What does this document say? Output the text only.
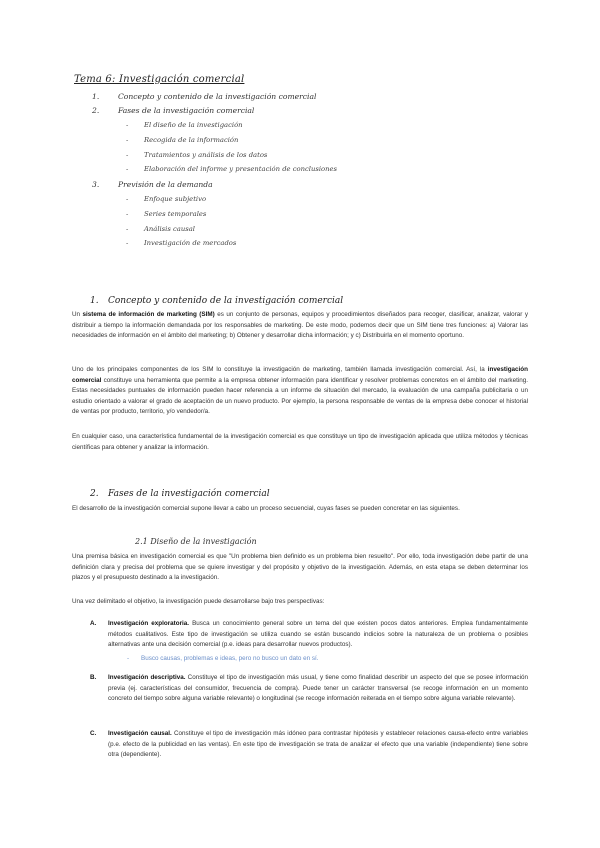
Tema 6: Investigación comercial
1. Concepto y contenido de la investigación comercial
2. Fases de la investigación comercial
- El diseño de la investigación
- Recogida de la información
- Tratamientos y análisis de los datos
- Elaboración del informe y presentación de conclusiones
3. Previsión de la demanda
- Enfoque subjetivo
- Series temporales
- Análisis causal
- Investigación de mercados
1. Concepto y contenido de la investigación comercial
Un sistema de información de marketing (SIM) es un conjunto de personas, equipos y procedimientos diseñados para recoger, clasificar, analizar, valorar y distribuir a tiempo la información demandada por los responsables de marketing. De este modo, podemos decir que un SIM tiene tres funciones: a) Valorar las necesidades de información en el ámbito del marketing; b) Obtener y desarrollar dicha información; y c) Distribuirla en el momento oportuno.
Uno de los principales componentes de los SIM lo constituye la investigación de marketing, también llamada investigación comercial. Así, la investigación comercial constituye una herramienta que permite a la empresa obtener información para identificar y resolver problemas concretos en el ámbito del marketing. Estas necesidades puntuales de información pueden hacer referencia a un informe de situación del mercado, la evaluación de una campaña publicitaria o un estudio orientado a valorar el grado de aceptación de un nuevo producto. Por ejemplo, la persona responsable de ventas de la empresa debe conocer el historial de ventas por producto, territorio, y/o vendedor/a.
En cualquier caso, una característica fundamental de la investigación comercial es que constituye un tipo de investigación aplicada que utiliza métodos y técnicas científicas para obtener y analizar la información.
2. Fases de la investigación comercial
El desarrollo de la investigación comercial supone llevar a cabo un proceso secuencial, cuyas fases se pueden concretar en las siguientes.
2.1 Diseño de la investigación
Una premisa básica en investigación comercial es que "Un problema bien definido es un problema bien resuelto". Por ello, toda investigación debe partir de una definición clara y precisa del problema que se quiere investigar y del propósito y objetivo de la investigación. Además, en esta etapa se deben determinar los plazos y el presupuesto destinado a la investigación.
Una vez delimitado el objetivo, la investigación puede desarrollarse bajo tres perspectivas:
A. Investigación exploratoria. Busca un conocimiento general sobre un tema del que existen pocos datos anteriores. Emplea fundamentalmente métodos cualitativos. Este tipo de investigación se utiliza cuando se están buscando indicios sobre la naturaleza de un problema o posibles alternativas ante una decisión comercial (p.e. ideas para desarrollar nuevos productos).
- Busco causas, problemas e ideas, pero no busco un dato en sí.
B. Investigación descriptiva. Constituye el tipo de investigación más usual, y tiene como finalidad describir un aspecto del que se posee información previa (ej. características del consumidor, frecuencia de compra). Puede tener un carácter transversal (se recoge información en un momento concreto del tiempo sobre alguna variable relevante) o longitudinal (se recoge información reiterada en el tiempo sobre alguna variable relevante).
C. Investigación causal. Constituye el tipo de investigación más idóneo para contrastar hipótesis y establecer relaciones causa-efecto entre variables (p.e. efecto de la publicidad en las ventas). En este tipo de investigación se trata de analizar el efecto que una variable (independiente) tiene sobre otra (dependiente).
